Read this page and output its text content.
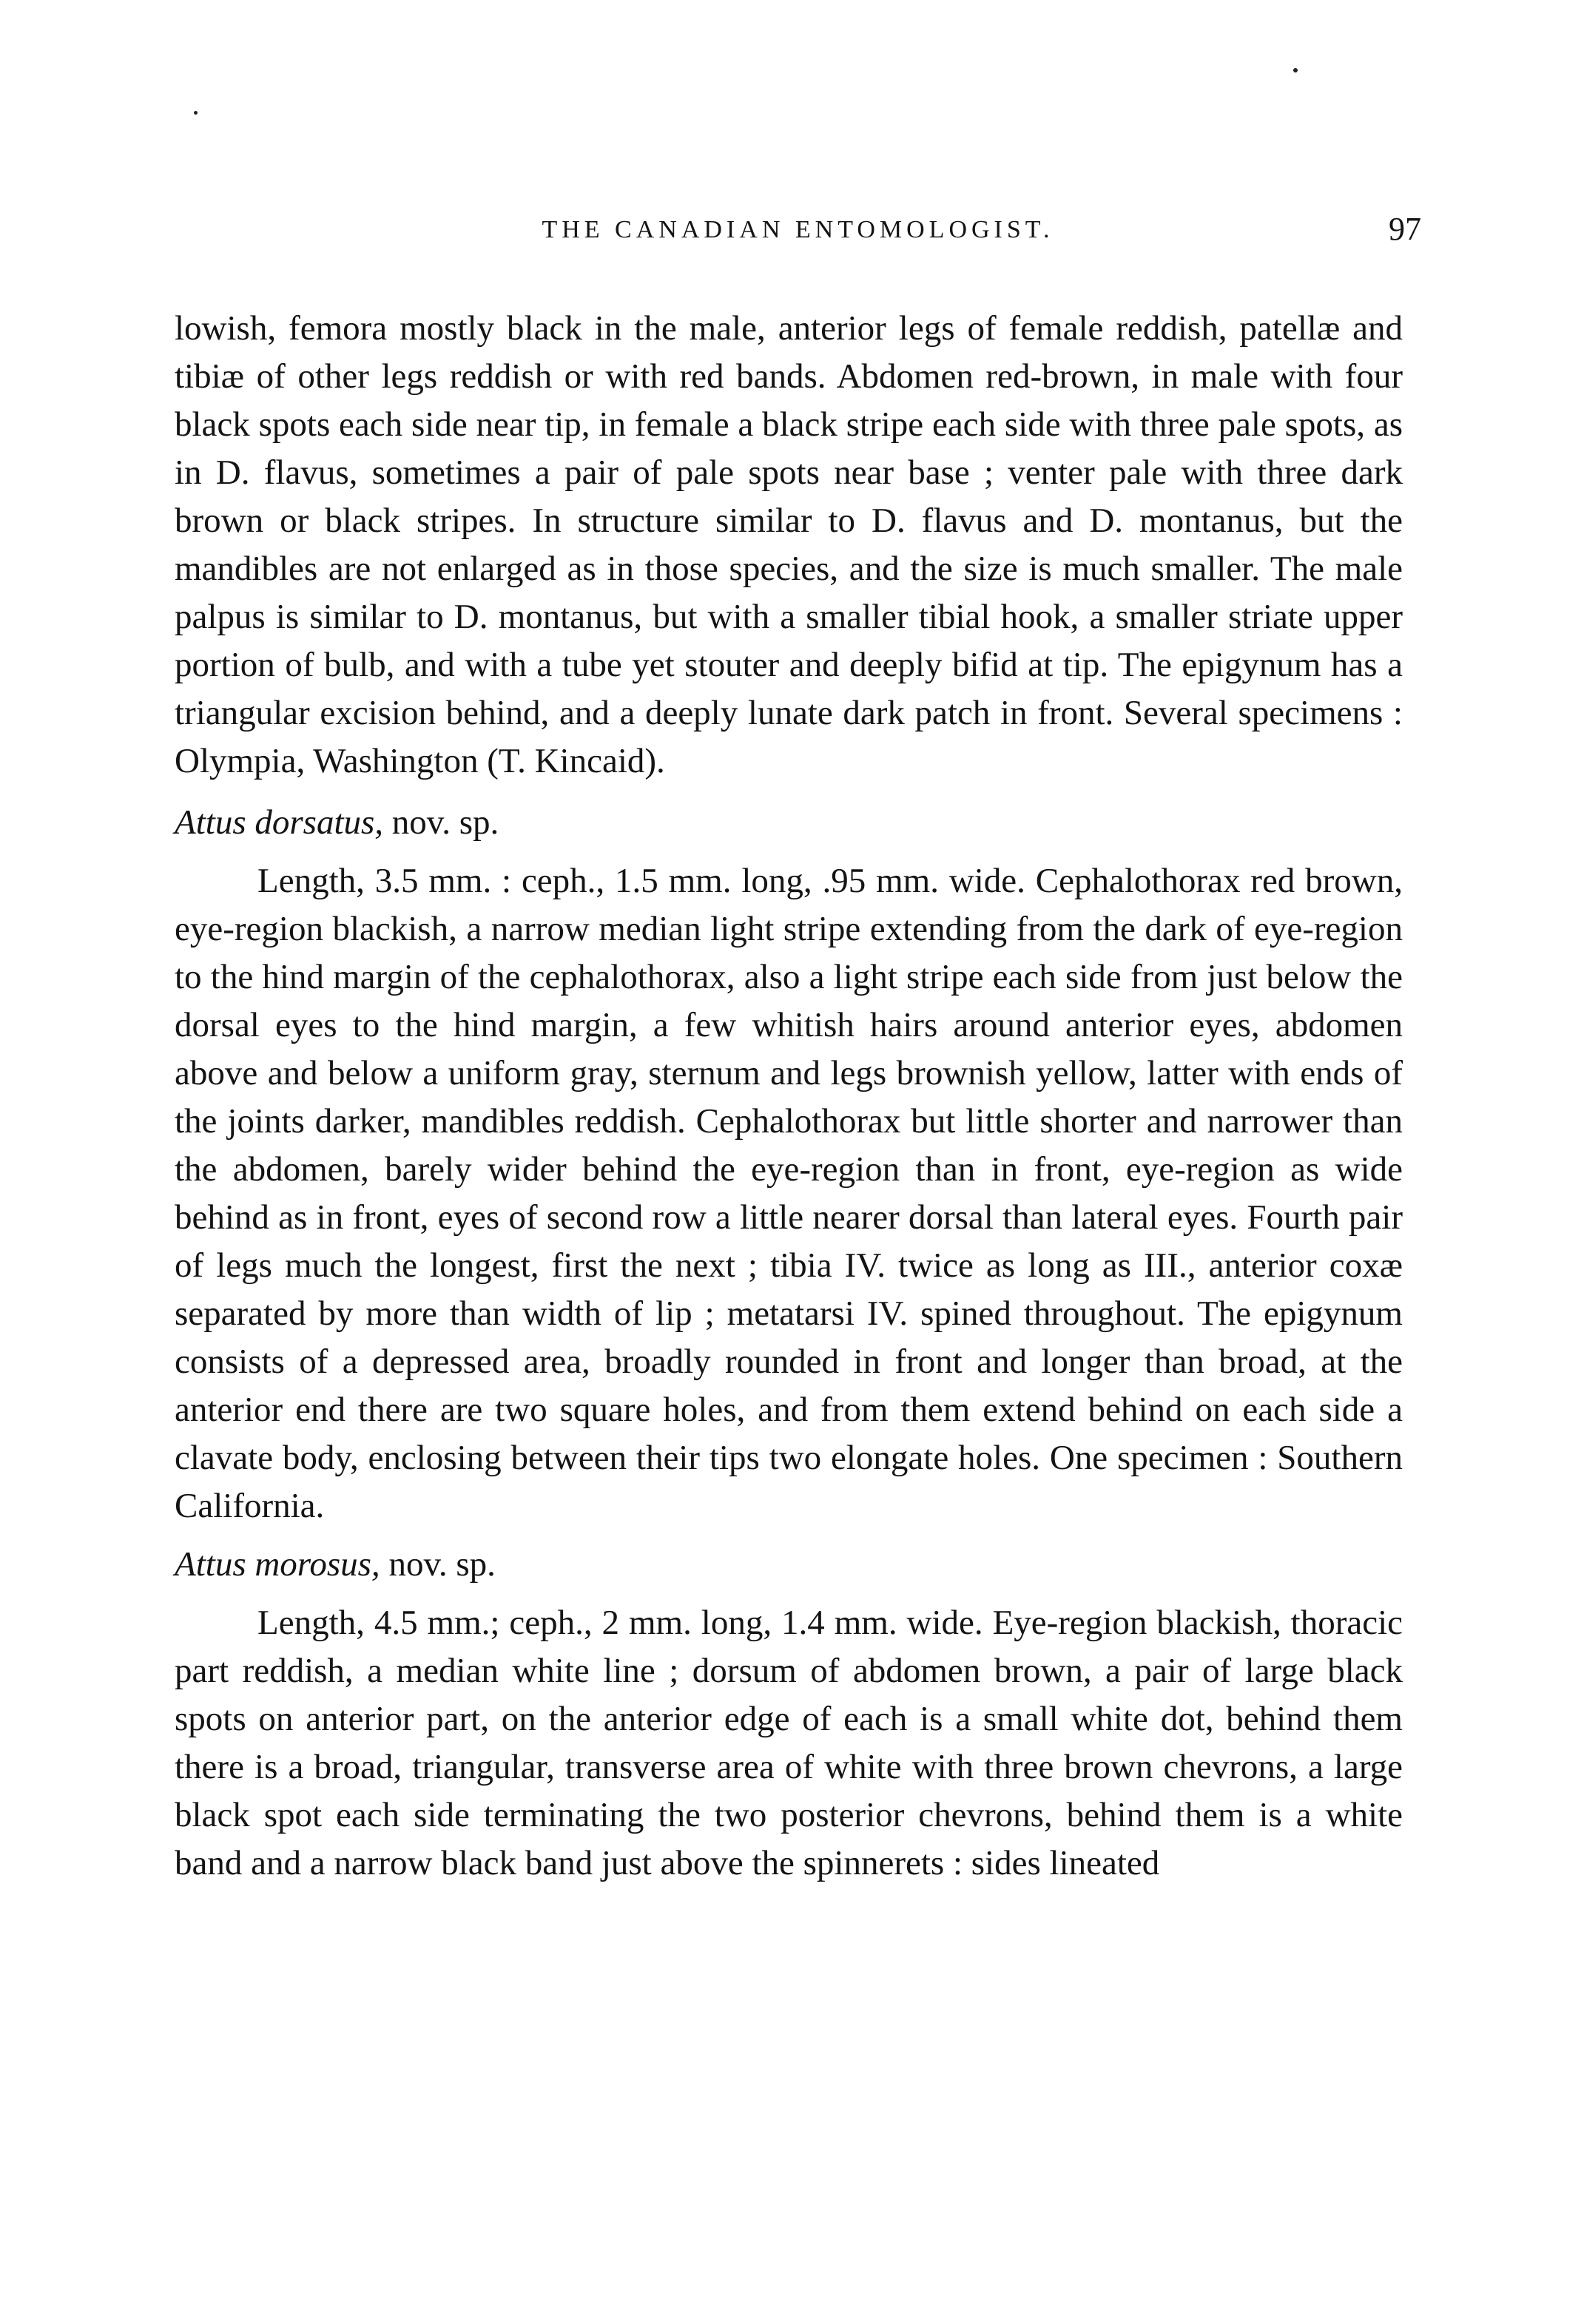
THE CANADIAN ENTOMOLOGIST.	97

lowish, femora mostly black in the male, anterior legs of female reddish, patellæ and tibiæ of other legs reddish or with red bands. Abdomen red-brown, in male with four black spots each side near tip, in female a black stripe each side with three pale spots, as in D. flavus, sometimes a pair of pale spots near base ; venter pale with three dark brown or black stripes. In structure similar to D. flavus and D. montanus, but the mandibles are not enlarged as in those species, and the size is much smaller. The male palpus is similar to D. montanus, but with a smaller tibial hook, a smaller striate upper portion of bulb, and with a tube yet stouter and deeply bifid at tip. The epigynum has a triangular excision behind, and a deeply lunate dark patch in front. Several specimens : Olympia, Washington (T. Kincaid).

Attus dorsatus, nov. sp.

Length, 3.5 mm. : ceph., 1.5 mm. long, .95 mm. wide. Cephalothorax red brown, eye-region blackish, a narrow median light stripe extending from the dark of eye-region to the hind margin of the cephalothorax, also a light stripe each side from just below the dorsal eyes to the hind margin, a few whitish hairs around anterior eyes, abdomen above and below a uniform gray, sternum and legs brownish yellow, latter with ends of the joints darker, mandibles reddish. Cephalothorax but little shorter and narrower than the abdomen, barely wider behind the eye-region than in front, eye-region as wide behind as in front, eyes of second row a little nearer dorsal than lateral eyes. Fourth pair of legs much the longest, first the next ; tibia IV. twice as long as III., anterior coxæ separated by more than width of lip ; metatarsi IV. spined throughout. The epigynum consists of a depressed area, broadly rounded in front and longer than broad, at the anterior end there are two square holes, and from them extend behind on each side a clavate body, enclosing between their tips two elongate holes. One specimen : Southern California.

Attus morosus, nov. sp.

Length, 4.5 mm.; ceph., 2 mm. long, 1.4 mm. wide. Eye-region blackish, thoracic part reddish, a median white line ; dorsum of abdomen brown, a pair of large black spots on anterior part, on the anterior edge of each is a small white dot, behind them there is a broad, triangular, transverse area of white with three brown chevrons, a large black spot each side terminating the two posterior chevrons, behind them is a white band and a narrow black band just above the spinnerets : sides lineated
